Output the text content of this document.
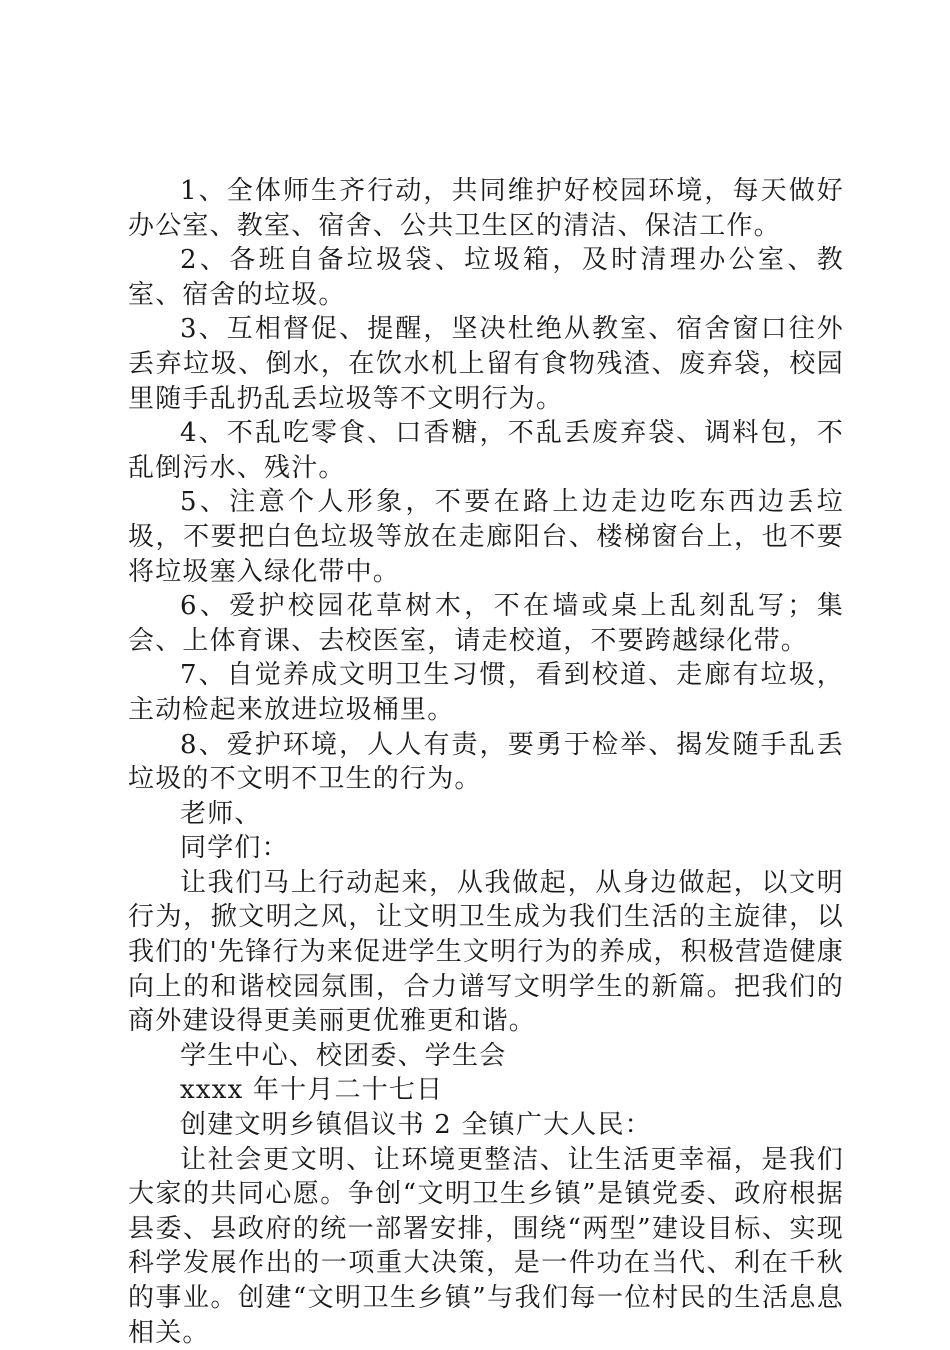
1、全体师生齐行动，共同维护好校园环境，每天做好办公室、教室、宿舍、公共卫生区的清洁、保洁工作。

2、各班自备垃圾袋、垃圾箱，及时清理办公室、教室、宿舍的垃圾。

3、互相督促、提醒，坚决杜绝从教室、宿舍窗口往外丢弃垃圾、倒水，在饮水机上留有食物残渣、废弃袋，校园里随手乱扔乱丢垃圾等不文明行为。

4、不乱吃零食、口香糖，不乱丢废弃袋、调料包，不乱倒污水、残汁。

5、注意个人形象，不要在路上边走边吃东西边丢垃圾，不要把白色垃圾等放在走廊阳台、楼梯窗台上，也不要将垃圾塞入绿化带中。

6、爱护校园花草树木，不在墙或桌上乱刻乱写；集会、上体育课、去校医室，请走校道，不要跨越绿化带。

7、自觉养成文明卫生习惯，看到校道、走廊有垃圾，主动检起来放进垃圾桶里。

8、爱护环境，人人有责，要勇于检举、揭发随手乱丢垃圾的不文明不卫生的行为。

老师、

同学们：

让我们马上行动起来，从我做起，从身边做起，以文明行为，掀文明之风，让文明卫生成为我们生活的主旋律，以我们的'先锋行为来促进学生文明行为的养成，积极营造健康向上的和谐校园氛围，合力谱写文明学生的新篇。把我们的商外建设得更美丽更优雅更和谐。

学生中心、校团委、学生会

xxxx 年十月二十七日

创建文明乡镇倡议书 2 全镇广大人民：

让社会更文明、让环境更整洁、让生活更幸福，是我们大家的共同心愿。争创“文明卫生乡镇”是镇党委、政府根据县委、县政府的统一部署安排，围绕“两型”建设目标、实现科学发展作出的一项重大决策，是一件功在当代、利在千秋的事业。创建“文明卫生乡镇”与我们每一位村民的生活息息相关。
